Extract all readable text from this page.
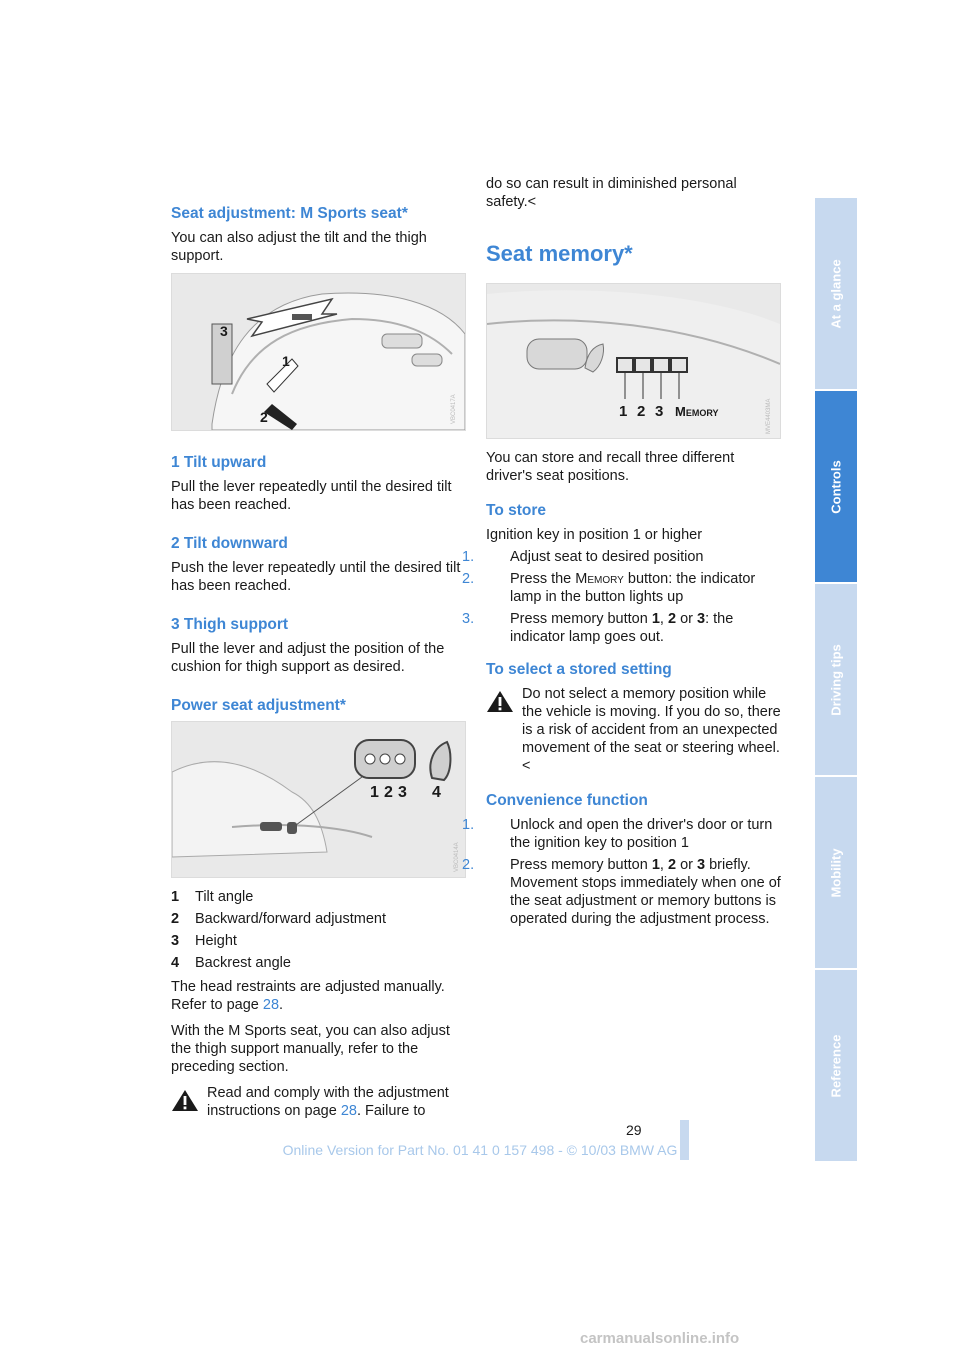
Seat adjustment: M Sports seat*

You can also adjust the tilt and the thigh support.

3
1
2	VBC0417A
1 Tilt upward

Pull the lever repeatedly until the desired tilt has been reached.

2 Tilt downward

Push the lever repeatedly until the desired tilt has been reached.

3 Thigh support

Pull the lever and adjust the position of the cushion for thigh support as desired.

Power seat adjustment*
1 2 3 4
VBC0414A
1 Tilt angle
2 Backward/forward adjustment
3 Height
4 Backrest angle

The head restraints are adjusted manually. Refer to page 28.

With the M Sports seat, you can also adjust the thigh support manually, refer to the preceding section.

Read and comply with the adjustment instructions on page 28. Failure to

do so can result in diminished personal safety.<

Seat memory*
1 2 3 Memory	MVE4403MA

You can store and recall three different driver's seat positions.

To store

Ignition key in position 1 or higher

1. Adjust seat to desired position
2. Press the Memory button: the indicator lamp in the button lights up
3. Press memory button 1, 2 or 3: the indicator lamp goes out.
To select a stored setting
Do not select a memory position while the vehicle is moving. If you do so, there is a risk of accident from an unexpected movement of the seat or steering wheel.<
Convenience function
1. Unlock and open the driver's door or turn the ignition key to position 1
2. Press memory button 1, 2 or 3 briefly. Movement stops immediately when one of the seat adjustment or memory buttons is operated during the adjustment process.
At a glance
Controls
Driving tips
Mobility
Reference
29
Online Version for Part No. 01 41 0 157 498 - © 10/03 BMW AG
carmanualsonline.info
